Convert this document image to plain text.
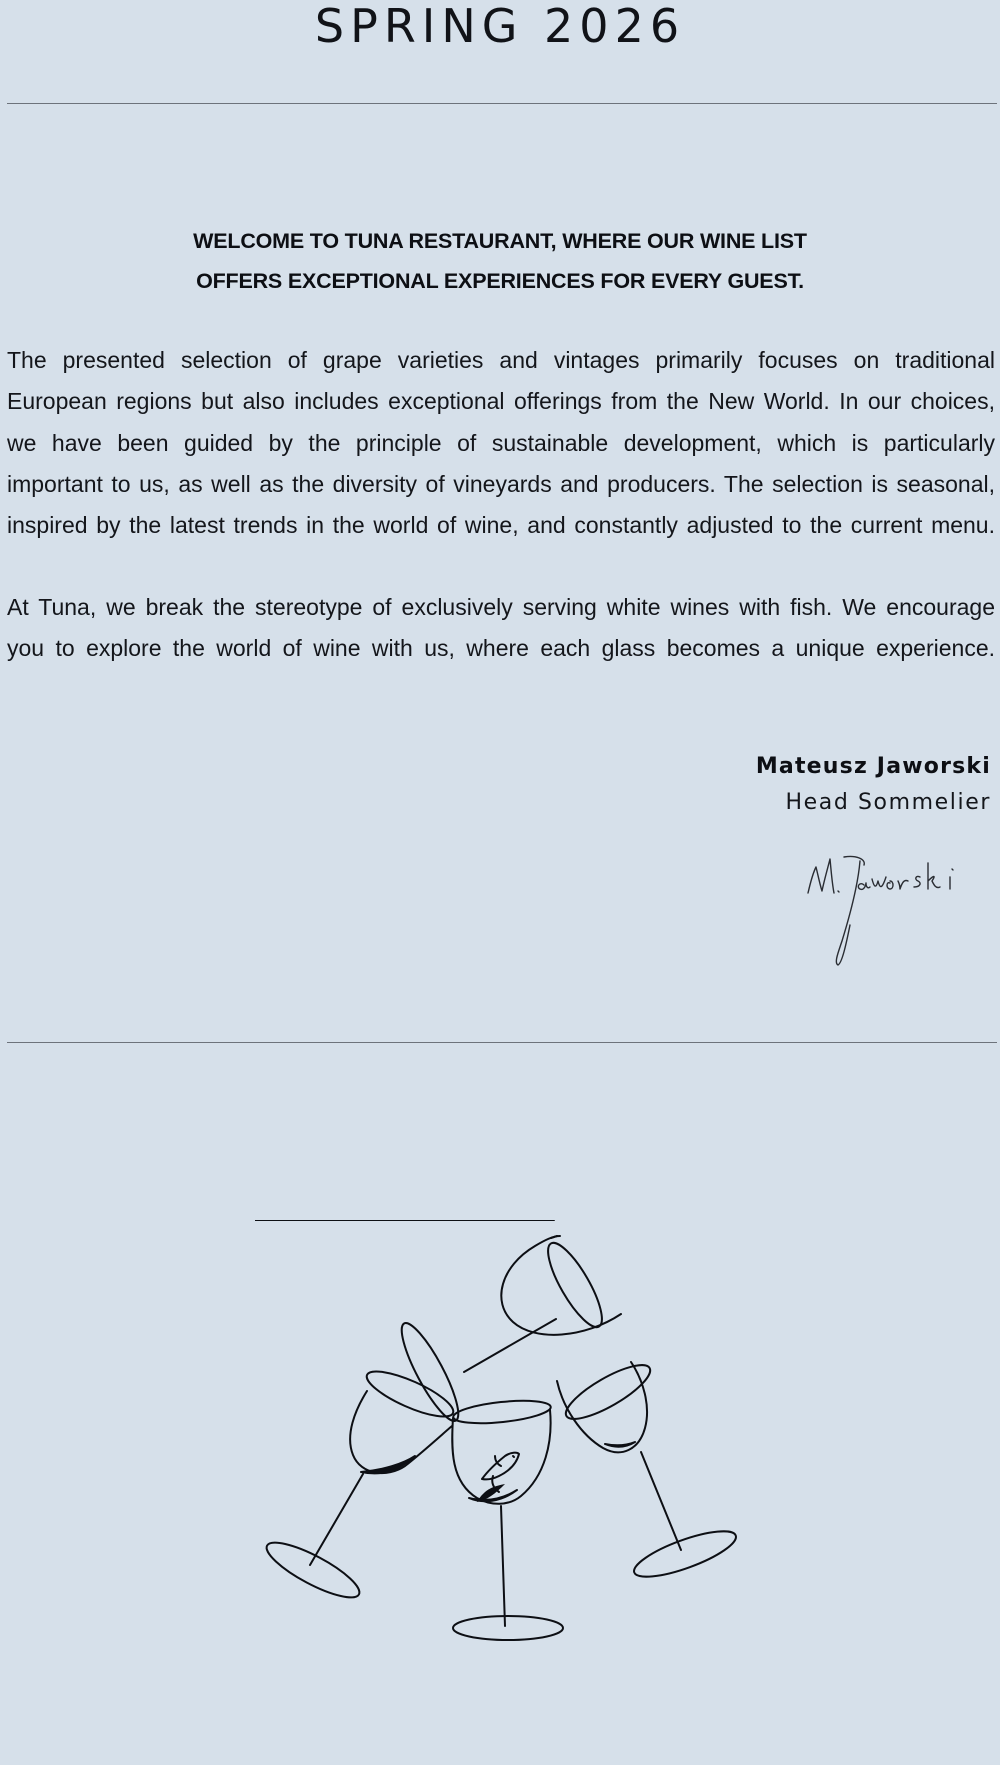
SPRING 2026
WELCOME TO TUNA RESTAURANT, WHERE OUR WINE LIST
OFFERS EXCEPTIONAL EXPERIENCES FOR EVERY GUEST.
The presented selection of grape varieties and vintages primarily focuses on traditional
European regions but also includes exceptional offerings from the New World. In our choices,
we have been guided by the principle of sustainable development, which is particularly
important to us, as well as the diversity of vineyards and producers. The selection is seasonal,
inspired by the latest trends in the world of wine, and constantly adjusted to the current menu.
At Tuna, we break the stereotype of exclusively serving white wines with fish. We encourage
you to explore the world of wine with us, where each glass becomes a unique experience.
Mateusz Jaworski
Head Sommelier
